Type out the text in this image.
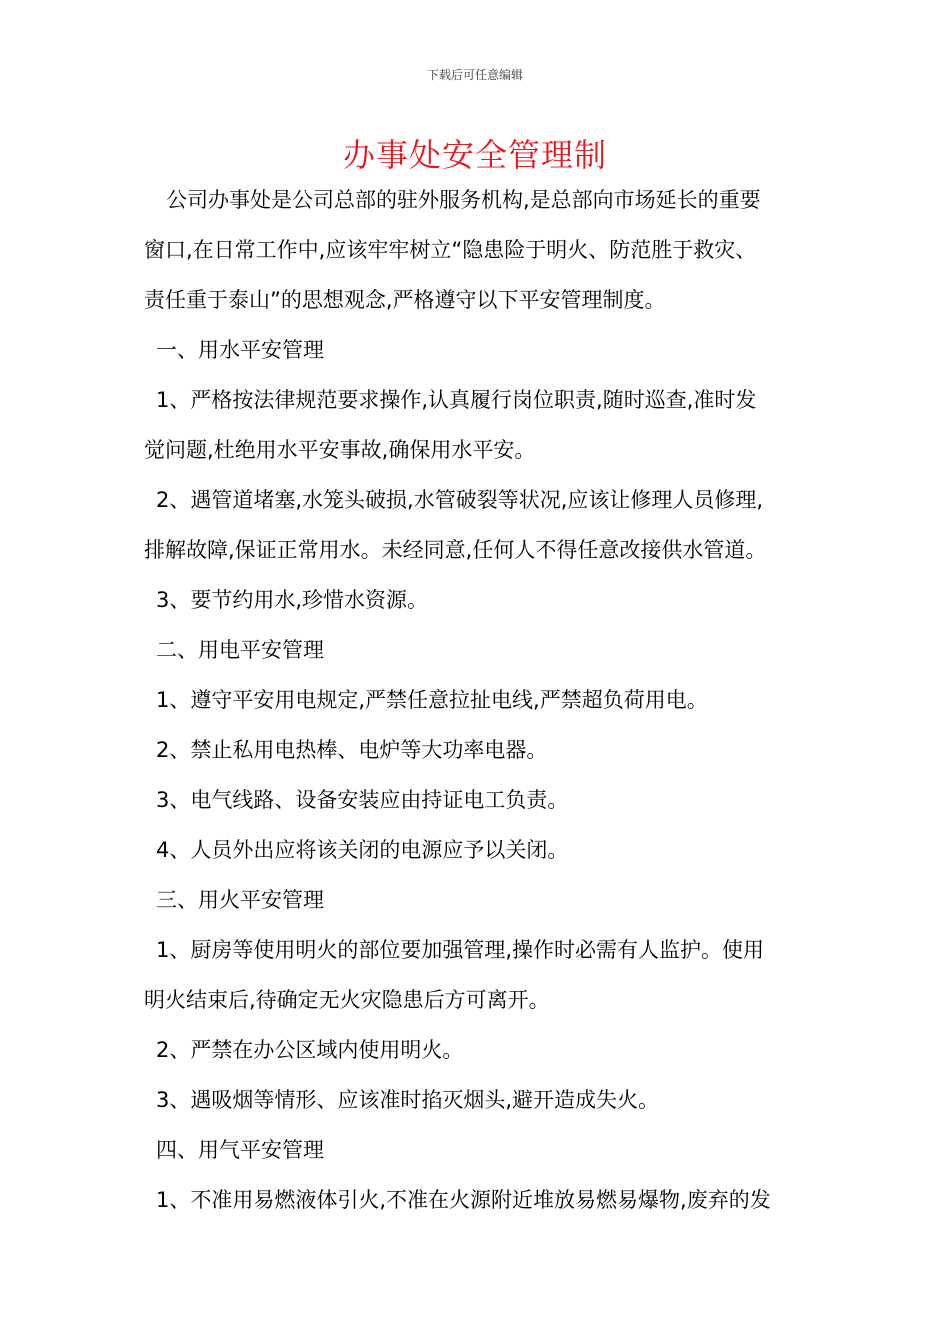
下载后可任意编辑
办事处安全管理制
公司办事处是公司总部的驻外服务机构,是总部向市场延长的重要
窗口,在日常工作中,应该牢牢树立“隐患险于明火、防范胜于救灾、
责任重于泰山”的思想观念,严格遵守以下平安管理制度。
一、用水平安管理
1、严格按法律规范要求操作,认真履行岗位职责,随时巡查,准时发
觉问题,杜绝用水平安事故,确保用水平安。
2、遇管道堵塞,水笼头破损,水管破裂等状况,应该让修理人员修理,
排解故障,保证正常用水。未经同意,任何人不得任意改接供水管道。
3、要节约用水,珍惜水资源。
二、用电平安管理
1、遵守平安用电规定,严禁任意拉扯电线,严禁超负荷用电。
2、禁止私用电热棒、电炉等大功率电器。
3、电气线路、设备安装应由持证电工负责。
4、人员外出应将该关闭的电源应予以关闭。
三、用火平安管理
1、厨房等使用明火的部位要加强管理,操作时必需有人监护。使用
明火结束后,待确定无火灾隐患后方可离开。
2、严禁在办公区域内使用明火。
3、遇吸烟等情形、应该准时掐灭烟头,避开造成失火。
四、用气平安管理
1、不准用易燃液体引火,不准在火源附近堆放易燃易爆物,废弃的发
